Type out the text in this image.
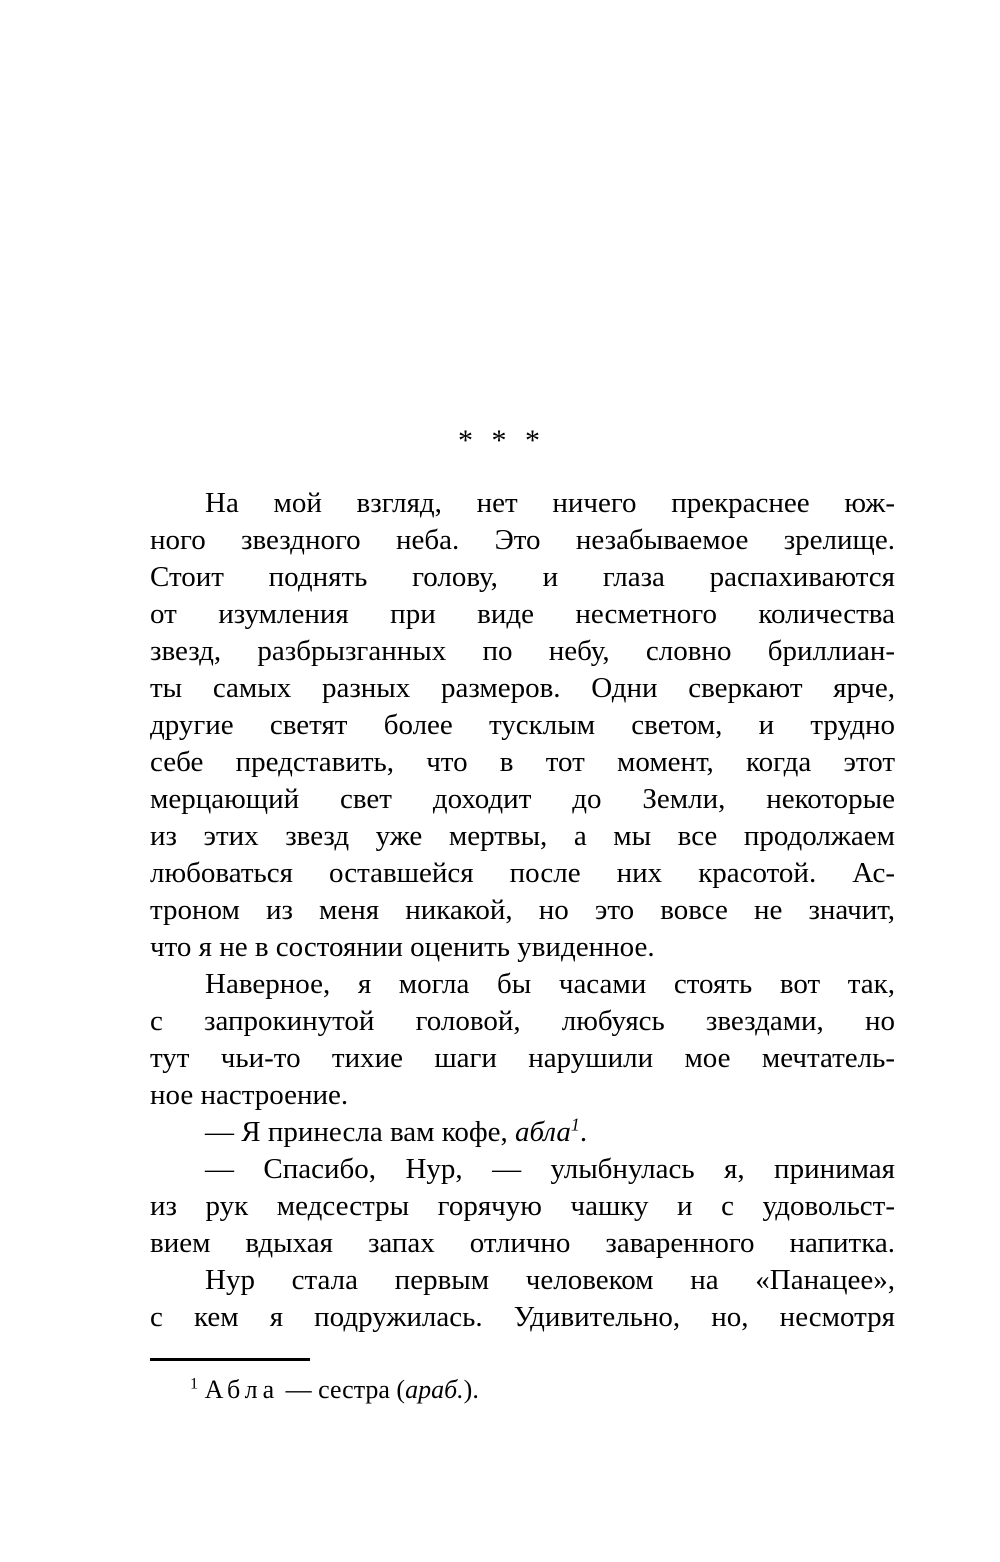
* * *
На мой взгляд, нет ничего прекраснее юж-
ного звездного неба. Это незабываемое зрелище.
Стоит поднять голову, и глаза распахиваются
от изумления при виде несметного количества
звезд, разбрызганных по небу, словно бриллиан-
ты самых разных размеров. Одни сверкают ярче,
другие светят более тусклым светом, и трудно
себе представить, что в тот момент, когда этот
мерцающий свет доходит до Земли, некоторые
из этих звезд уже мертвы, а мы все продолжаем
любоваться оставшейся после них красотой. Ас-
троном из меня никакой, но это вовсе не значит,
что я не в состоянии оценить увиденное.
Наверное, я могла бы часами стоять вот так,
с запрокинутой головой, любуясь звездами, но
тут чьи-то тихие шаги нарушили мое мечтатель-
ное настроение.
— Я принесла вам кофе, абла$^1$.
— Спасибо, Нур, — улыбнулась я, принимая
из рук медсестры горячую чашку и с удовольст-
вием вдыхая запах отлично заваренного напитка.
Нур стала первым человеком на «Панацее»,
с кем я подружилась. Удивительно, но, несмотря
$^1$ Абла — сестра (араб.).
